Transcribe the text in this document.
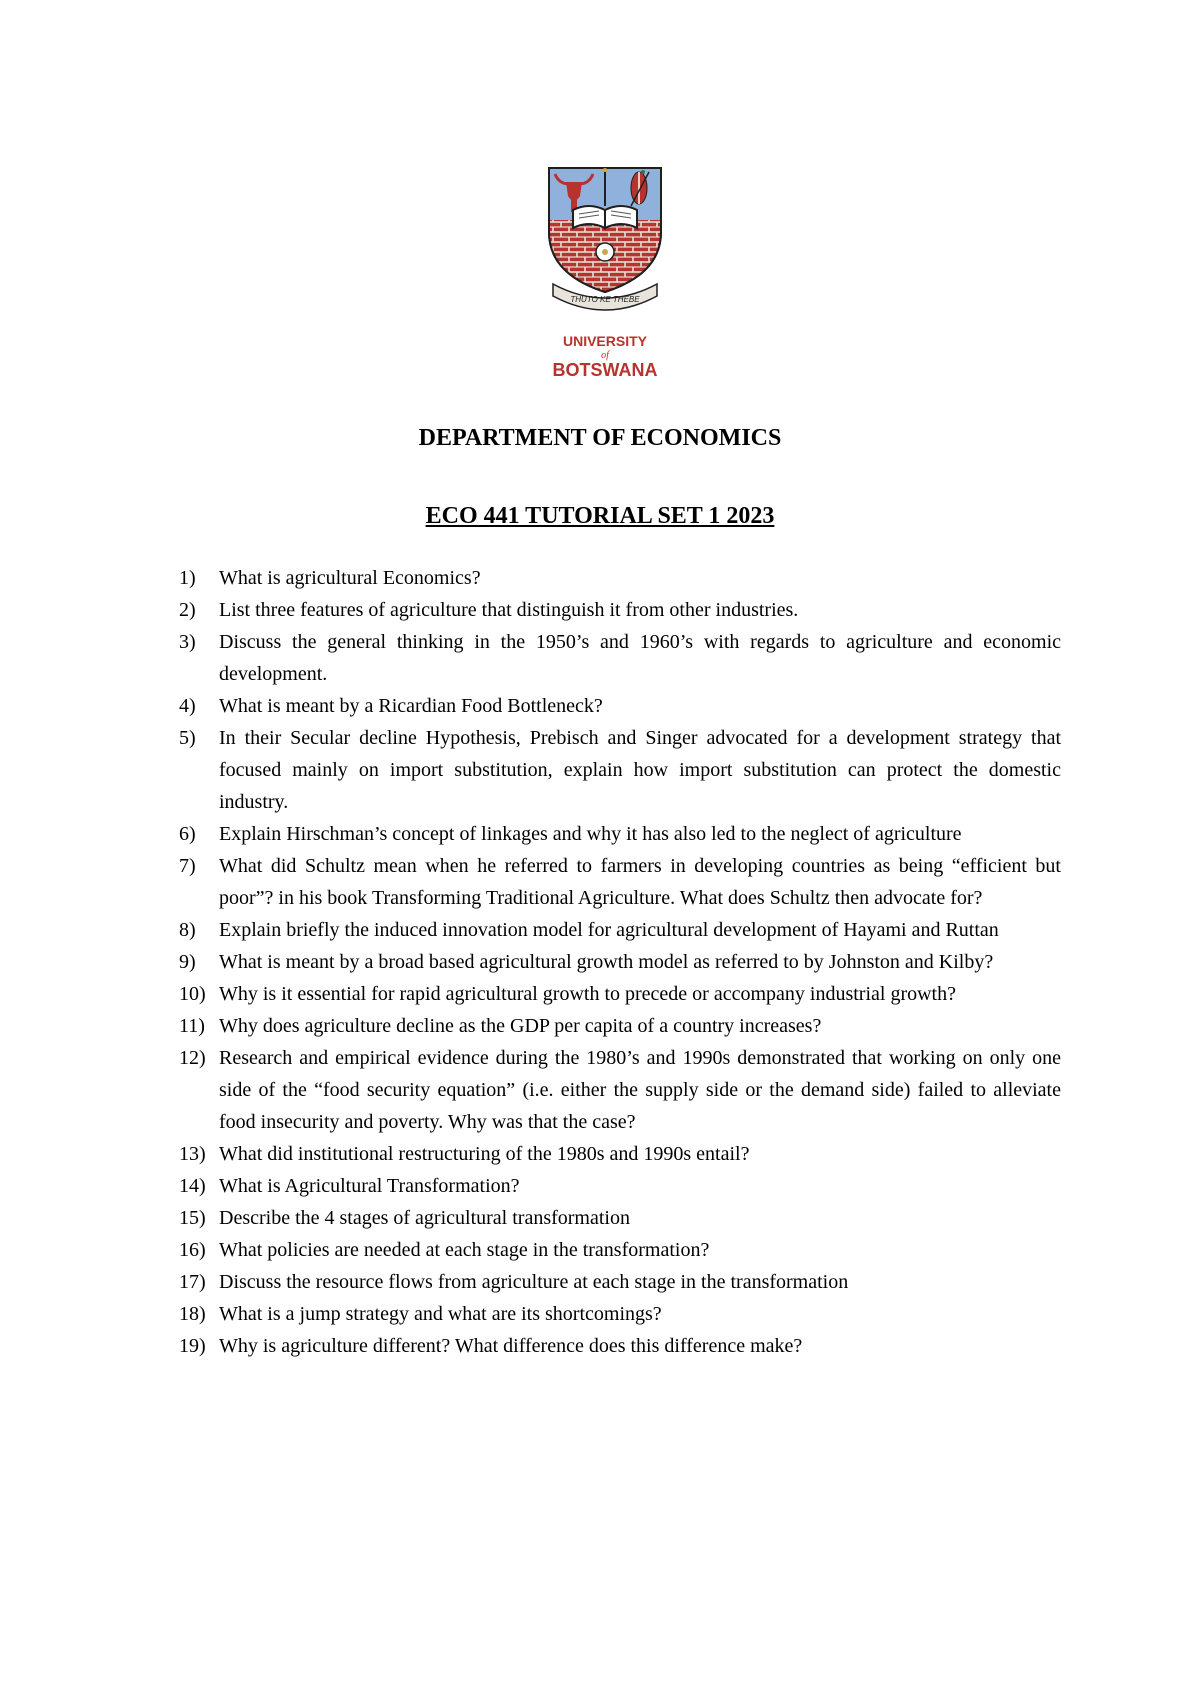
THUTO KE THEBE
UNIVERSITY
of
BOTSWANA
DEPARTMENT OF ECONOMICS
ECO 441 TUTORIAL SET 1 2023
1) What is agricultural Economics?
2) List three features of agriculture that distinguish it from other industries.
3) Discuss the general thinking in the 1950’s and 1960’s with regards to agriculture and economic development.
4) What is meant by a Ricardian Food Bottleneck?
5) In their Secular decline Hypothesis, Prebisch and Singer advocated for a development strategy that focused mainly on import substitution, explain how import substitution can protect the domestic industry.
6) Explain Hirschman’s concept of linkages and why it has also led to the neglect of agriculture
7) What did Schultz mean when he referred to farmers in developing countries as being “efficient but poor”? in his book Transforming Traditional Agriculture. What does Schultz then advocate for?
8) Explain briefly the induced innovation model for agricultural development of Hayami and Ruttan
9) What is meant by a broad based agricultural growth model as referred to by Johnston and Kilby?
10) Why is it essential for rapid agricultural growth to precede or accompany industrial growth?
11) Why does agriculture decline as the GDP per capita of a country increases?
12) Research and empirical evidence during the 1980’s and 1990s demonstrated that working on only one side of the “food security equation” (i.e. either the supply side or the demand side) failed to alleviate food insecurity and poverty. Why was that the case?
13) What did institutional restructuring of the 1980s and 1990s entail?
14) What is Agricultural Transformation?
15) Describe the 4 stages of agricultural transformation
16) What policies are needed at each stage in the transformation?
17) Discuss the resource flows from agriculture at each stage in the transformation
18) What is a jump strategy and what are its shortcomings?
19) Why is agriculture different? What difference does this difference make?
